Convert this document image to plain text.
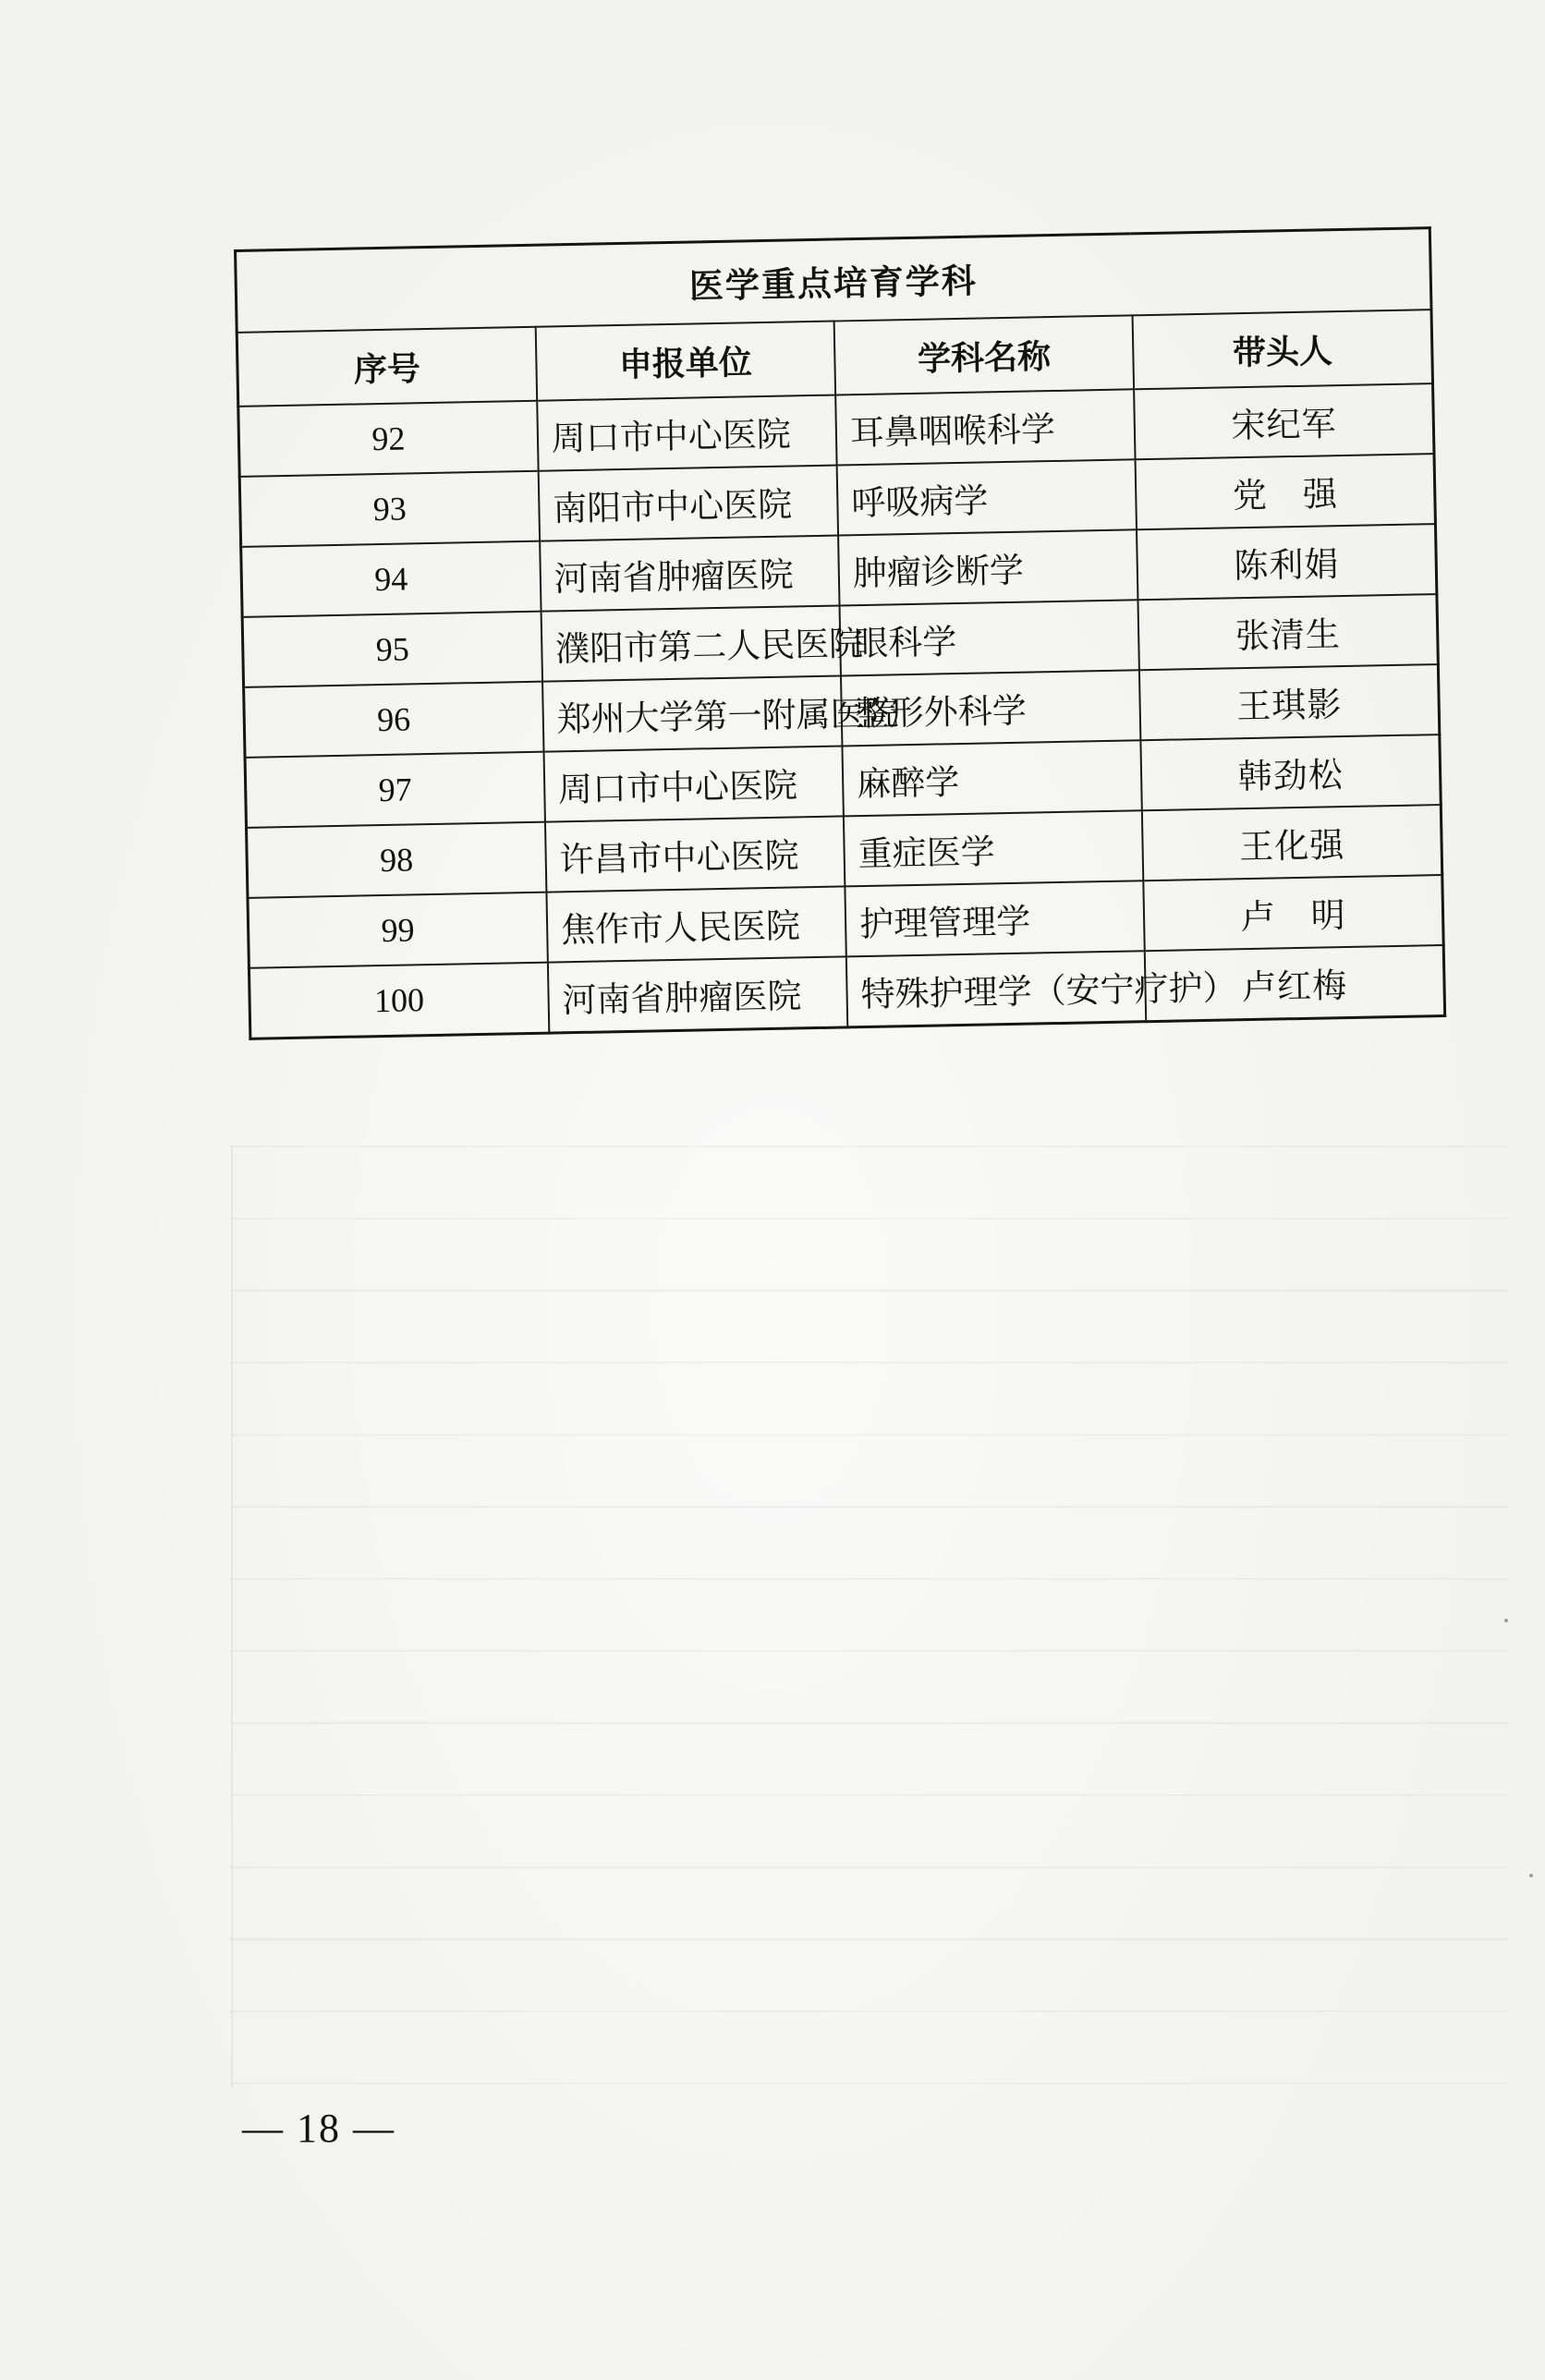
医学重点培育学科			
序号	申报单位	学科名称	带头人
92	周口市中心医院	耳鼻咽喉科学	宋纪军
93	南阳市中心医院	呼吸病学	党　强
94	河南省肿瘤医院	肿瘤诊断学	陈利娟
95	濮阳市第二人民医院	眼科学	张清生
96	郑州大学第一附属医院	整形外科学	王琪影
97	周口市中心医院	麻醉学	韩劲松
98	许昌市中心医院	重症医学	王化强
99	焦作市人民医院	护理管理学	卢　明
100	河南省肿瘤医院	特殊护理学（安宁疗护）	卢红梅
— 18 —
